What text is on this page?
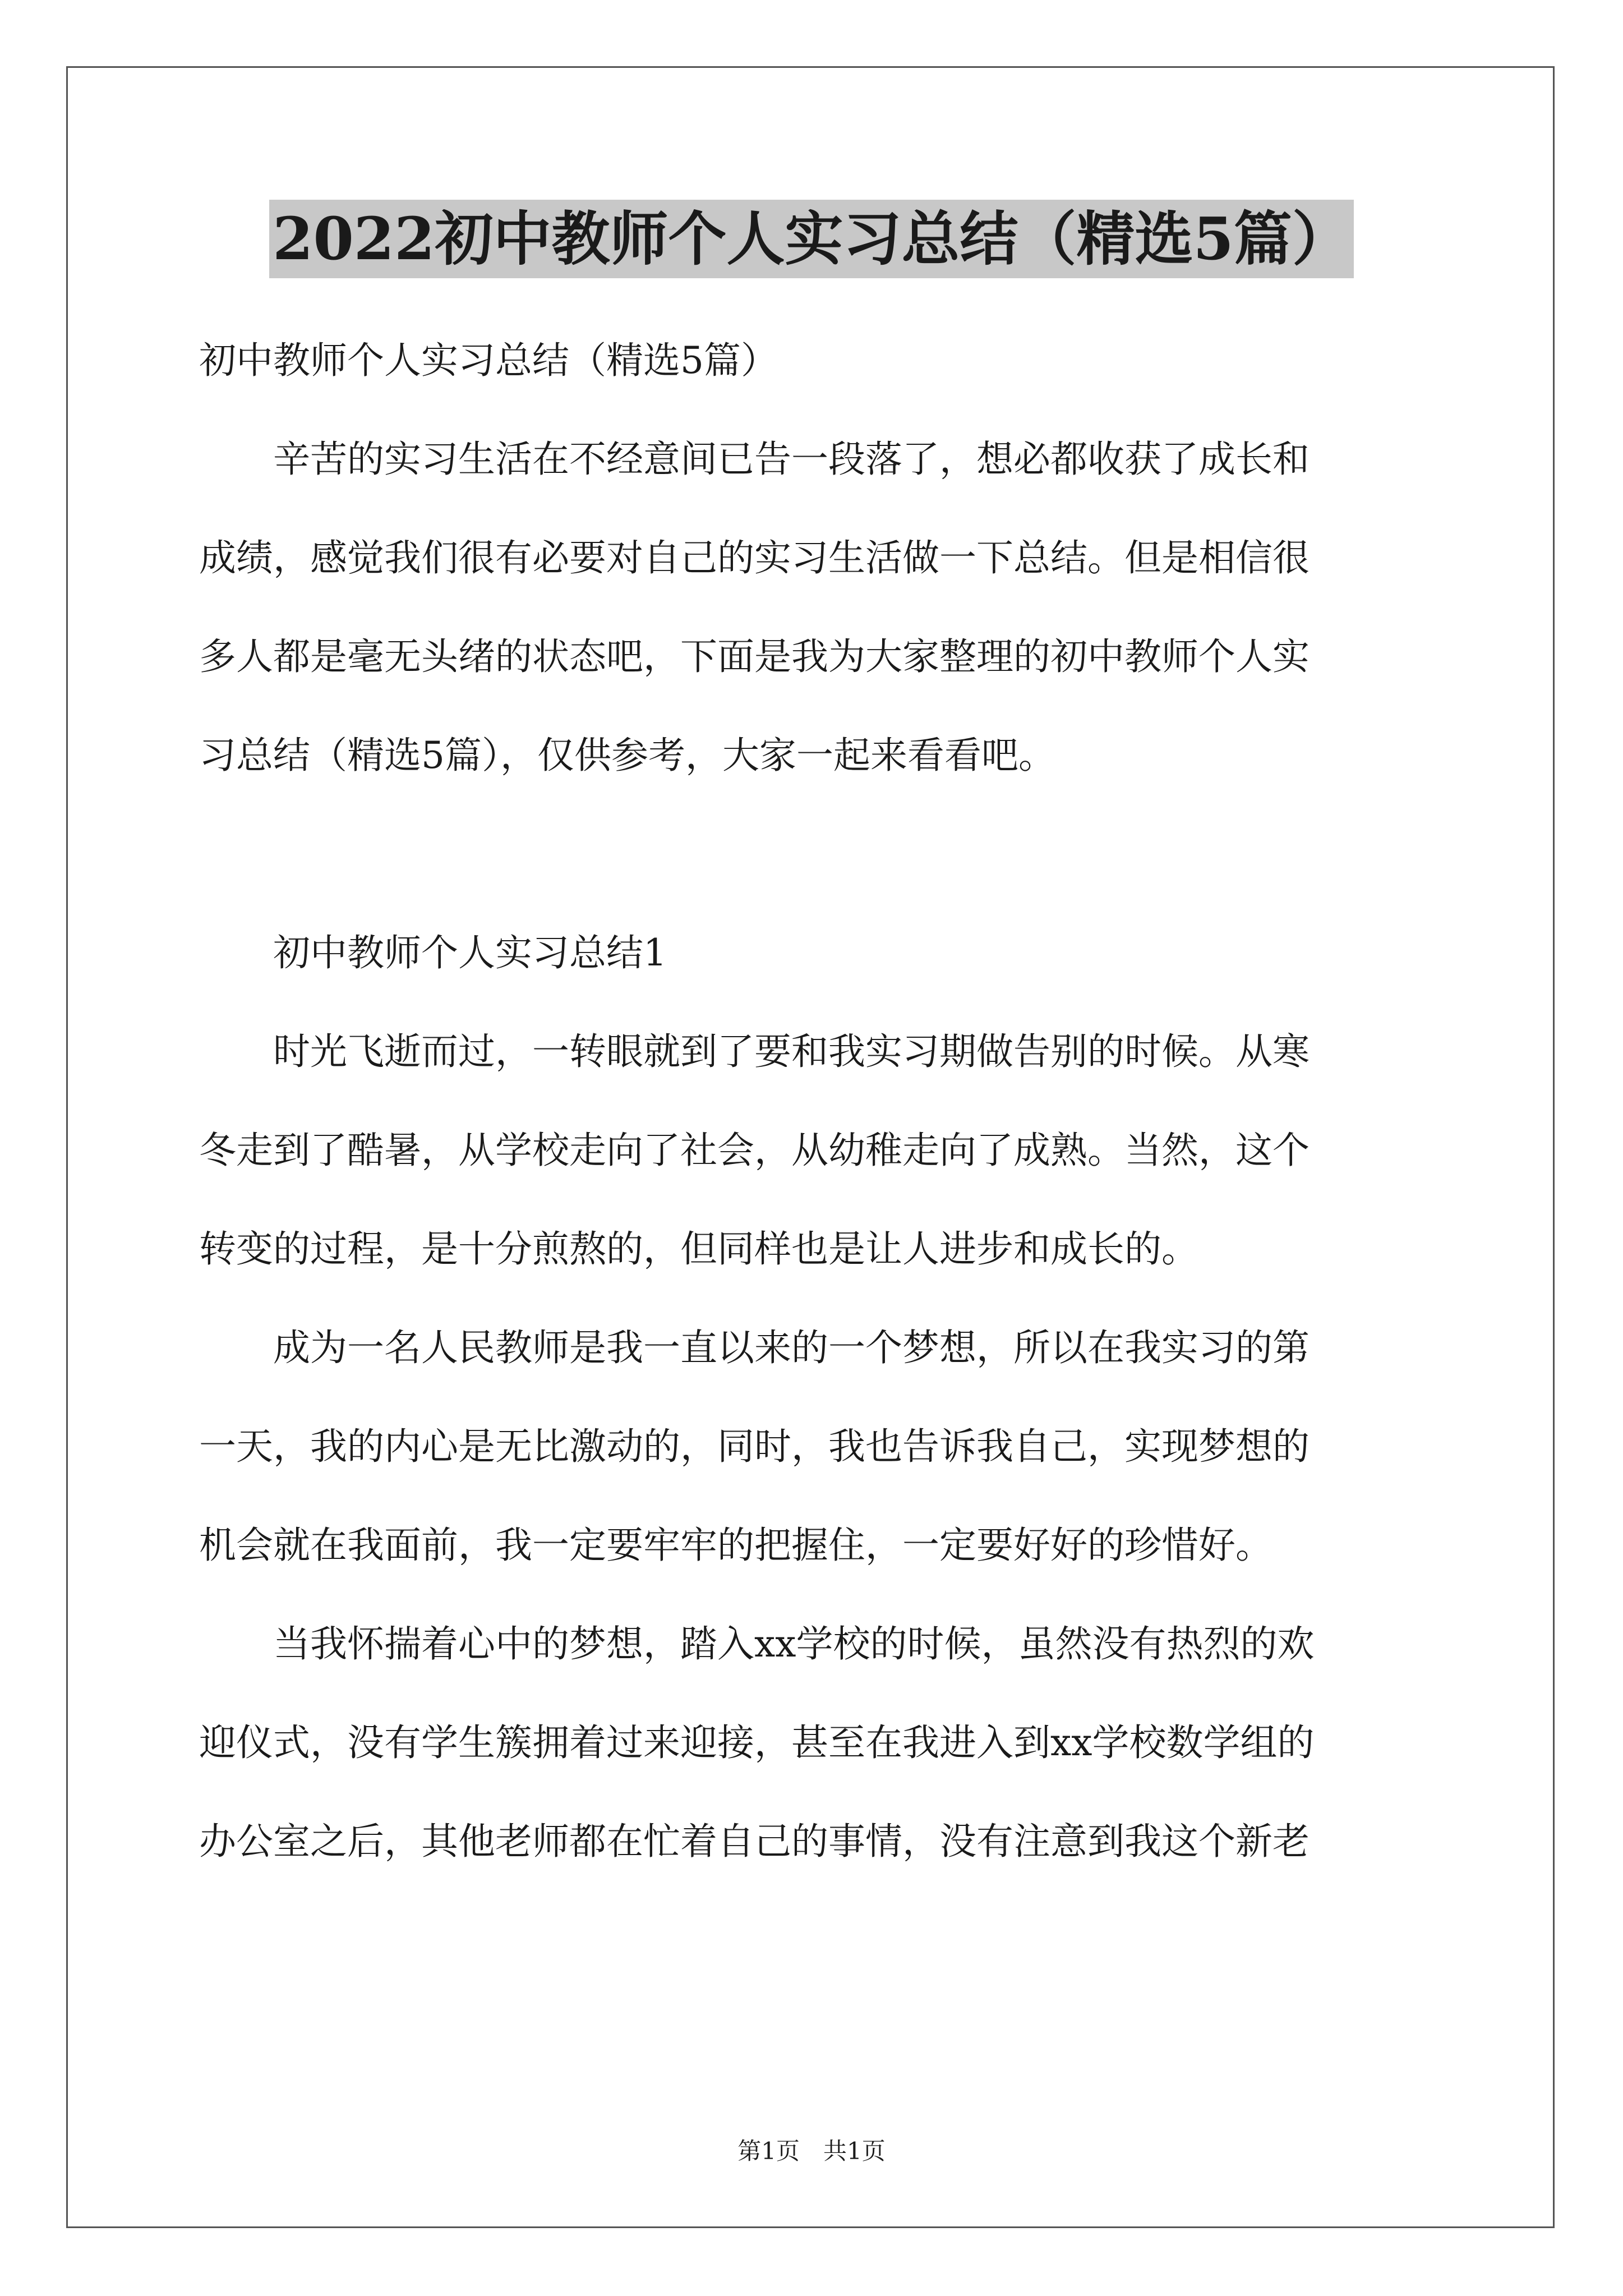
2022初中教师个人实习总结（精选5篇）
初中教师个人实习总结（精选5篇）
　　辛苦的实习生活在不经意间已告一段落了，想必都收获了成长和
成绩，感觉我们很有必要对自己的实习生活做一下总结。但是相信很
多人都是毫无头绪的状态吧，下面是我为大家整理的初中教师个人实
习总结（精选5篇），仅供参考，大家一起来看看吧。
　　初中教师个人实习总结1
　　时光飞逝而过，一转眼就到了要和我实习期做告别的时候。从寒
冬走到了酷暑，从学校走向了社会，从幼稚走向了成熟。当然，这个
转变的过程，是十分煎熬的，但同样也是让人进步和成长的。
　　成为一名人民教师是我一直以来的一个梦想，所以在我实习的第
一天，我的内心是无比激动的，同时，我也告诉我自己，实现梦想的
机会就在我面前，我一定要牢牢的把握住，一定要好好的珍惜好。
　　当我怀揣着心中的梦想，踏入xx学校的时候，虽然没有热烈的欢
迎仪式，没有学生簇拥着过来迎接，甚至在我进入到xx学校数学组的
办公室之后，其他老师都在忙着自己的事情，没有注意到我这个新老
第1页　共1页
